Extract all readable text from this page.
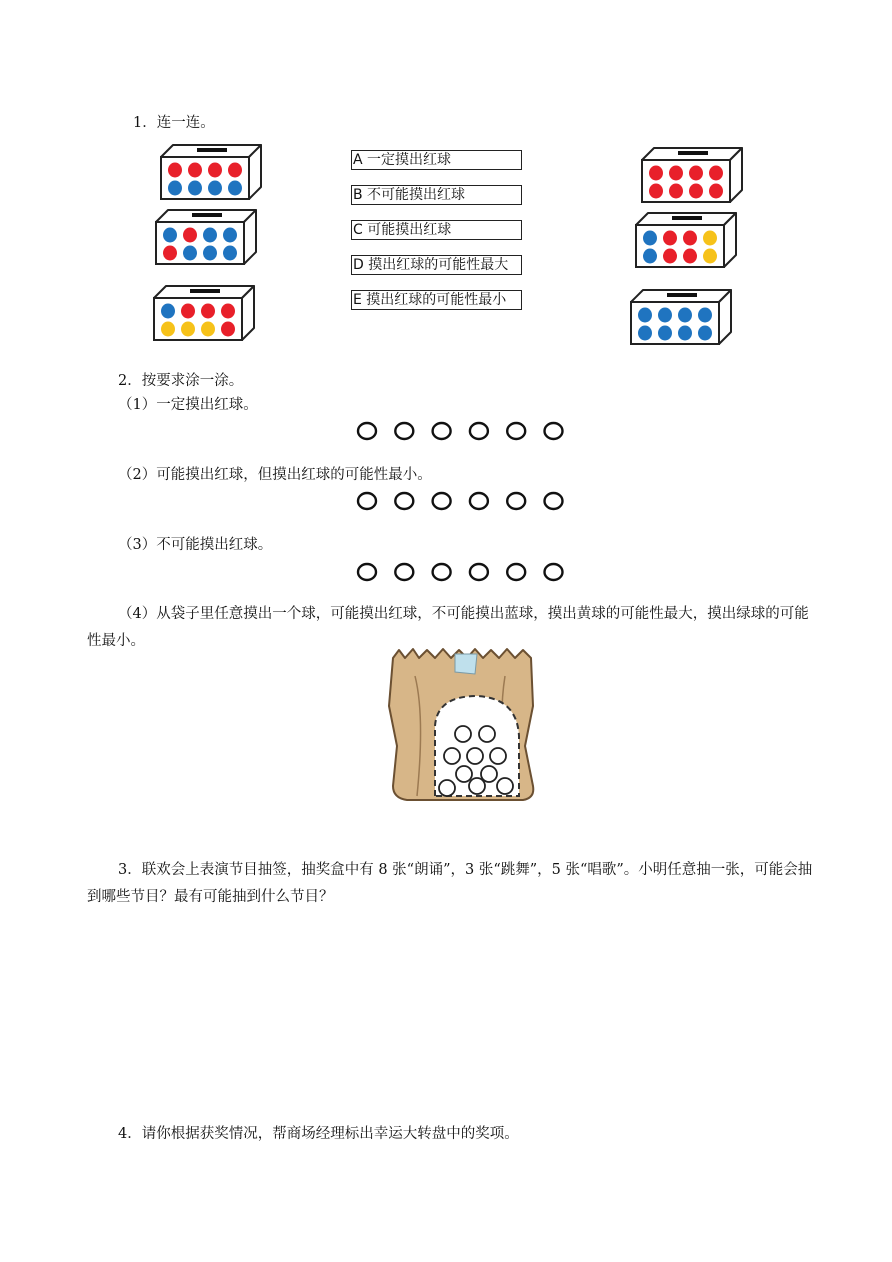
1．连一连。
A 一定摸出红球
B 不可能摸出红球
C 可能摸出红球
D 摸出红球的可能性最大
E 摸出红球的可能性最小
2．按要求涂一涂。
（1）一定摸出红球。
（2）可能摸出红球，但摸出红球的可能性最小。
（3）不可能摸出红球。
（4）从袋子里任意摸出一个球，可能摸出红球，不可能摸出蓝球，摸出黄球的可能性最大，摸出绿球的可能性最小。
3．联欢会上表演节目抽签，抽奖盒中有 8 张“朗诵”，3 张“跳舞”，5 张“唱歌”。小明任意抽一张，可能会抽到哪些节目？最有可能抽到什么节目？
4．请你根据获奖情况，帮商场经理标出幸运大转盘中的奖项。
